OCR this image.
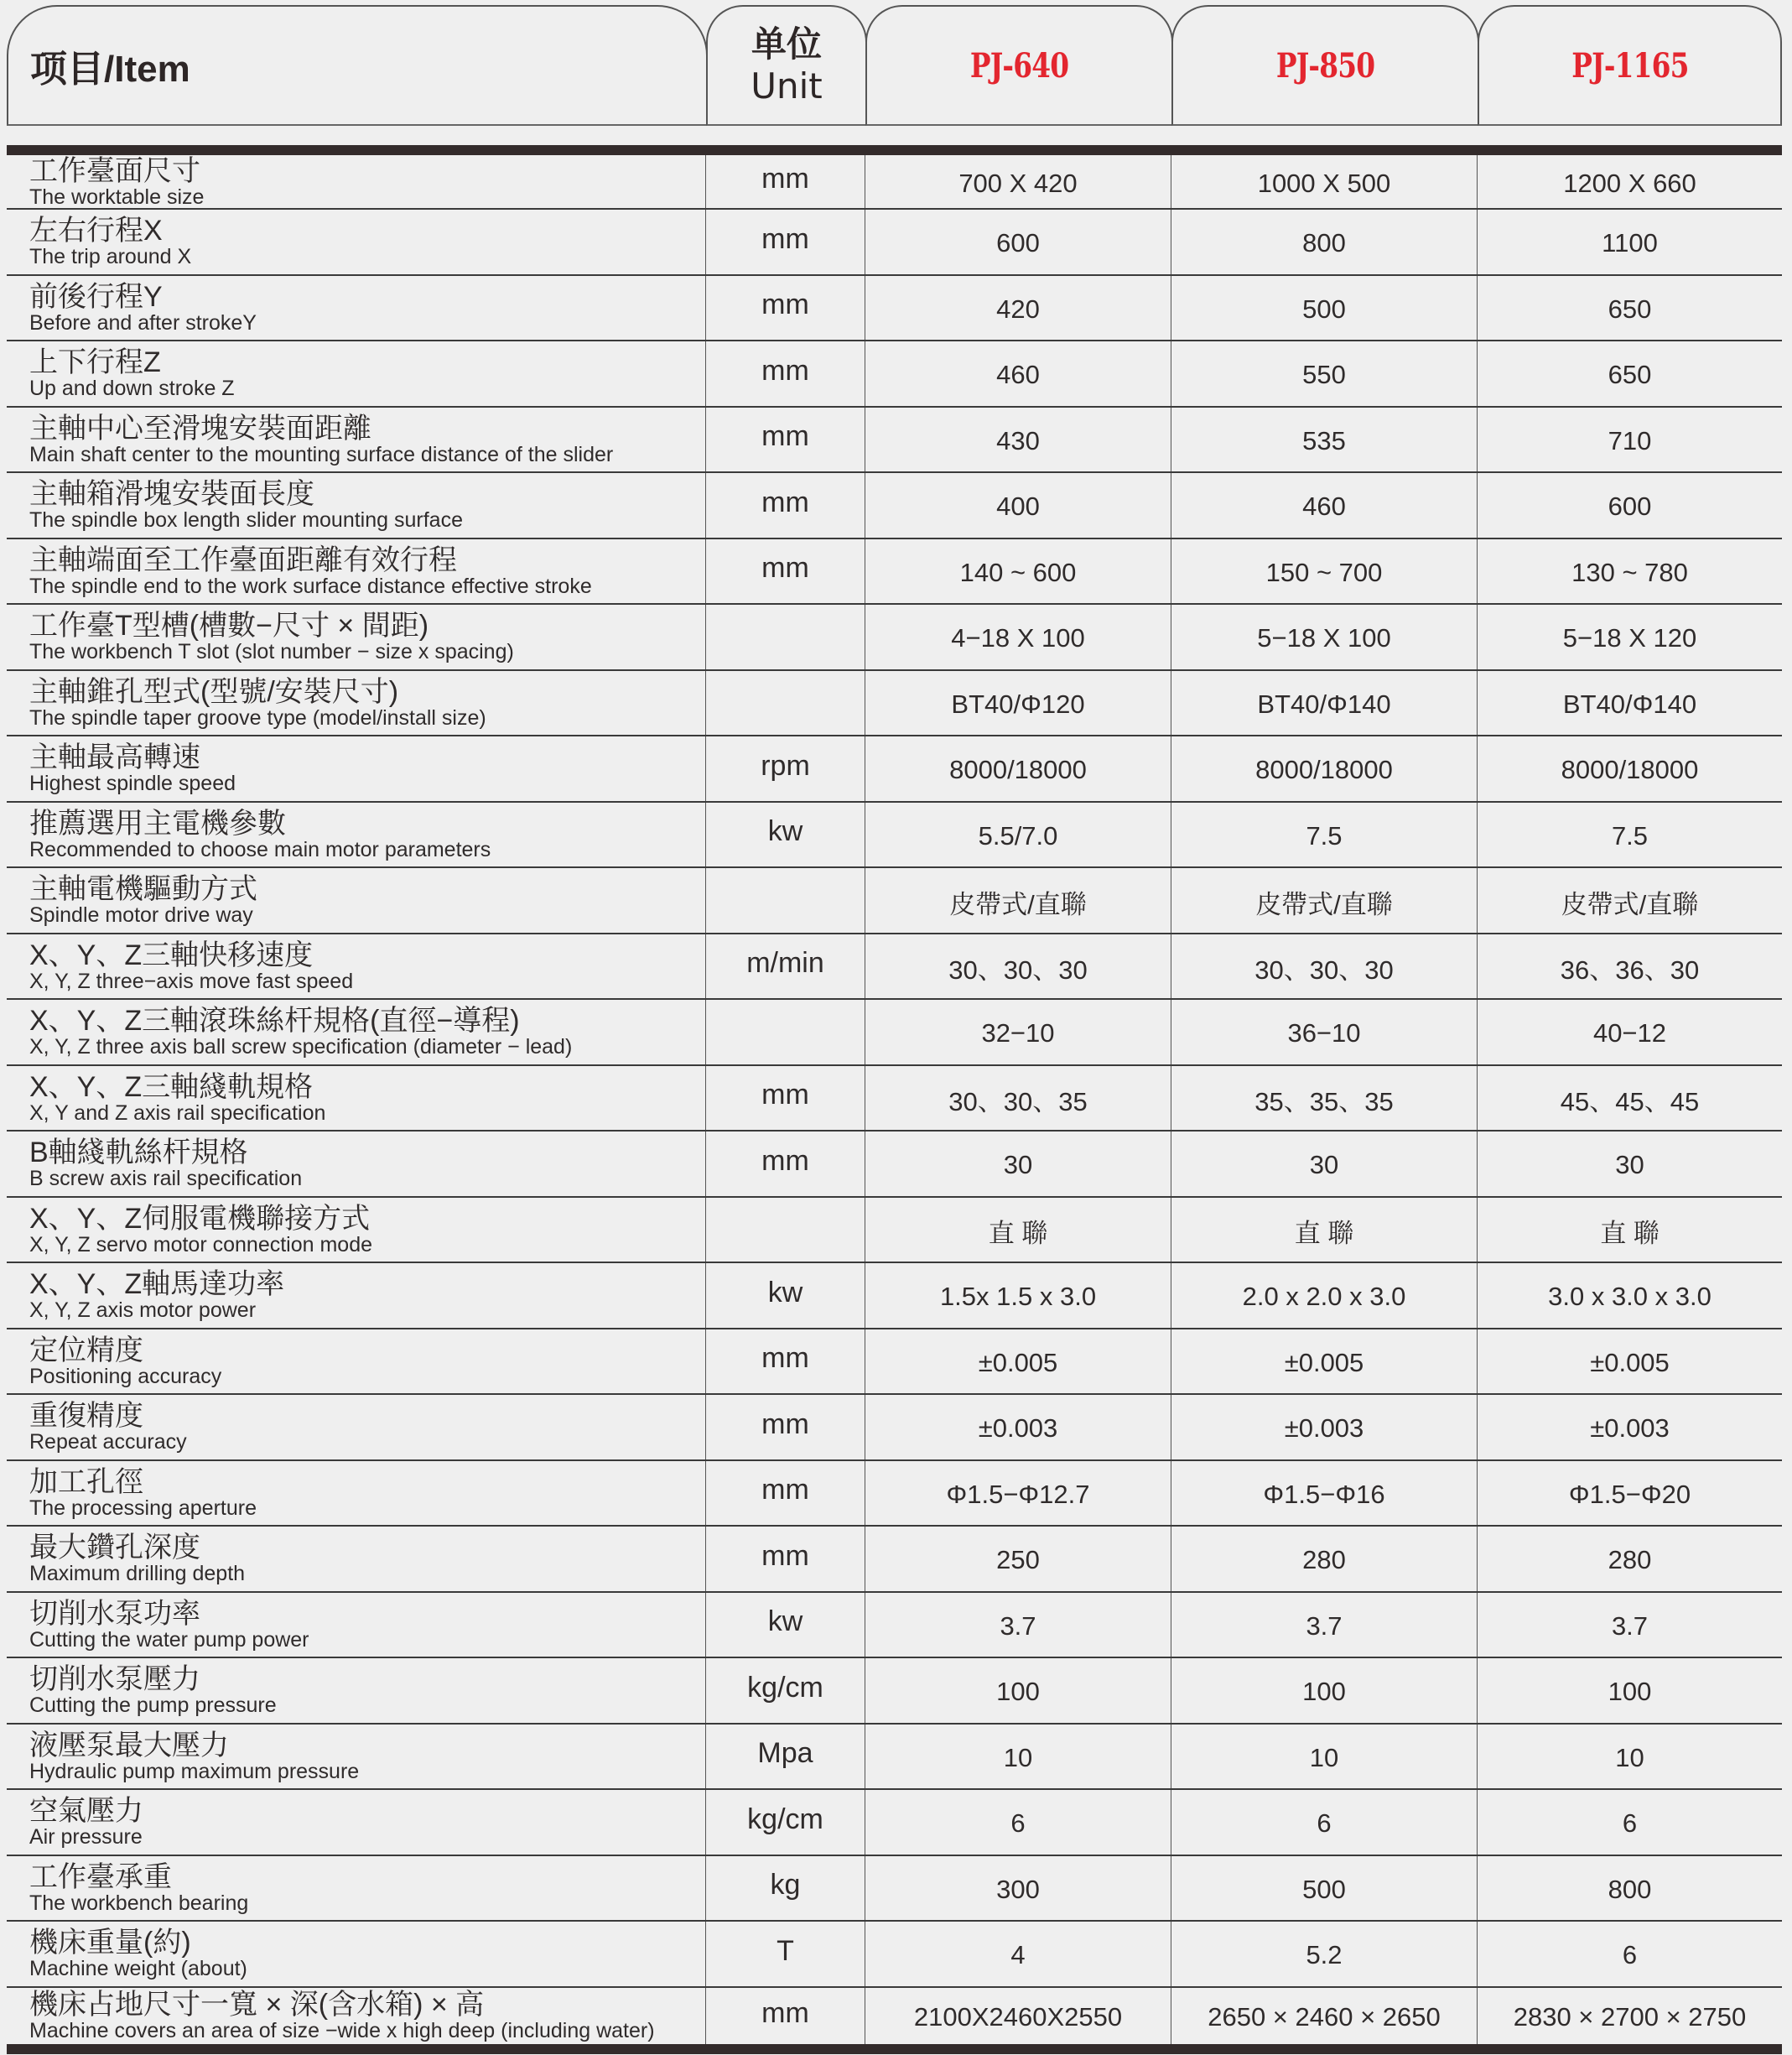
项目/Item
单位
Unit	PJ-640	PJ-850	PJ-1165
工作臺面尺寸
The worktable size
mm	700 X 420	1000 X 500	1200 X 660
左右行程X
The trip around X
mm	600	800	1100
前後行程Y
Before and after strokeY
mm	420	500	650
上下行程Z
Up and down stroke Z
mm	460	550	650
主軸中心至滑塊安裝面距離
Main shaft center to the mounting surface distance of the slider
mm	430	535	710
主軸箱滑塊安裝面長度
The spindle box length slider mounting surface
mm	400	460	600
主軸端面至工作臺面距離有效行程
The spindle end to the work surface distance effective stroke
mm	140 ~ 600	150 ~ 700	130 ~ 780
工作臺T型槽(槽數−尺寸 × 間距)
The workbench T slot (slot number − size x spacing)	4−18 X 100	5−18 X 100	5−18 X 120
主軸錐孔型式(型號/安裝尺寸)
The spindle taper groove type (model/install size)	BT40/Φ120	BT40/Φ140	BT40/Φ140
主軸最高轉速
Highest spindle speed
rpm	8000/18000	8000/18000	8000/18000
推薦選用主電機參數
Recommended to choose main motor parameters
kw	5.5/7.0	7.5	7.5
主軸電機驅動方式
Spindle motor drive way	皮帶式/直聯	皮帶式/直聯	皮帶式/直聯
X、Y、Z三軸快移速度
X, Y, Z three−axis move fast speed
m/min	30、30、30	30、30、30	36、36、30
X、Y、Z三軸滾珠絲杆規格(直徑−導程)
X, Y, Z three axis ball screw specification (diameter − lead)	32−10	36−10	40−12
X、Y、Z三軸綫軌規格
X, Y and Z axis rail specification
mm	30、30、35	35、35、35	45、45、45
B軸綫軌絲杆規格
B screw axis rail specification
mm	30	30	30
X、Y、Z伺服電機聯接方式
X, Y, Z servo motor connection mode	直 聯	直 聯	直 聯
X、Y、Z軸馬達功率
X, Y, Z axis motor power
kw	1.5x 1.5 x 3.0	2.0 x 2.0 x 3.0	3.0 x 3.0 x 3.0
定位精度
Positioning accuracy
mm	±0.005	±0.005	±0.005
重復精度
Repeat accuracy
mm	±0.003	±0.003	±0.003
加工孔徑
The processing aperture
mm	Φ1.5−Φ12.7	Φ1.5−Φ16	Φ1.5−Φ20
最大鑽孔深度
Maximum drilling depth
mm	250	280	280
切削水泵功率
Cutting the water pump power
kw	3.7	3.7	3.7
切削水泵壓力
Cutting the pump pressure
kg/cm	100	100	100
液壓泵最大壓力
Hydraulic pump maximum pressure
Mpa	10	10	10
空氣壓力
Air pressure
kg/cm	6	6	6
工作臺承重
The workbench bearing
kg	300	500	800
機床重量(約)
Machine weight (about)
T	4	5.2	6
機床占地尺寸一寬 × 深(含水箱) × 高
Machine covers an area of size −wide x high deep (including water)
mm	2100X2460X2550	2650 × 2460 × 2650	2830 × 2700 × 2750
